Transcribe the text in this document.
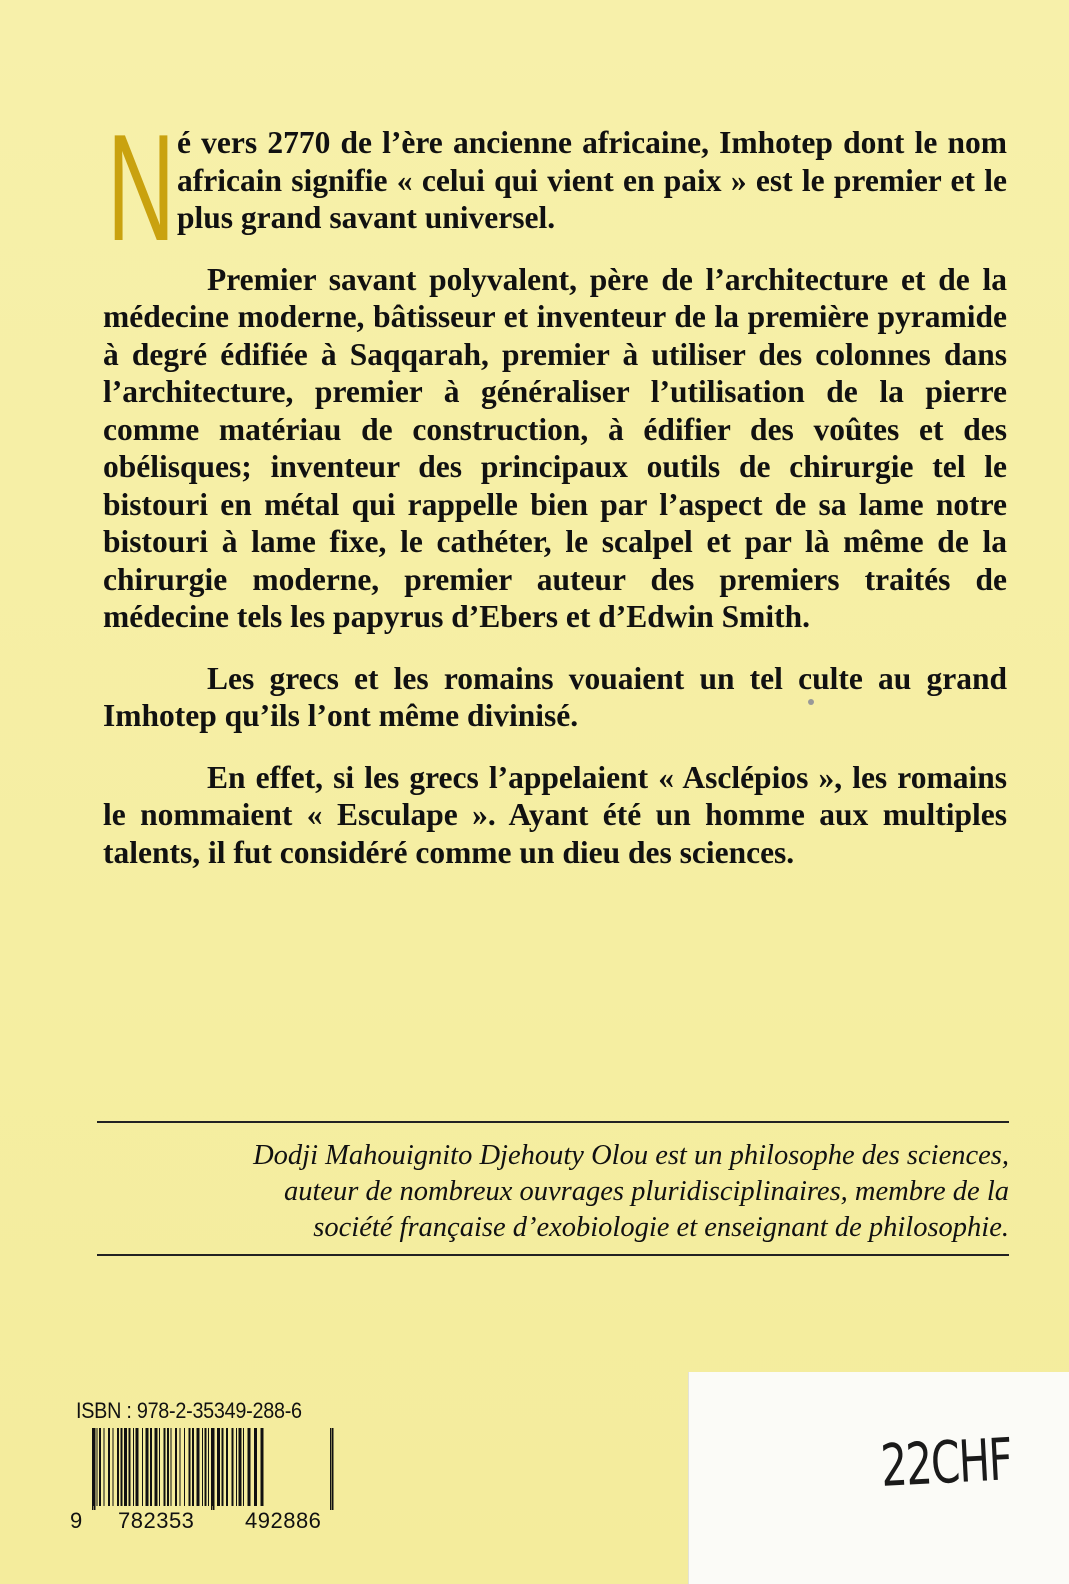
N é vers 2770 de l’ère ancienne africaine, Imhotep dont le nom africain signifie « celui qui vient en paix » est le premier et le plus grand savant universel.

Premier savant polyvalent, père de l’architecture et de la médecine moderne, bâtisseur et inventeur de la première pyramide à degré édifiée à Saqqarah, premier à utiliser des colonnes dans l’architecture, premier à généraliser l’utilisation de la pierre comme matériau de construction, à édifier des voûtes et des obélisques; inventeur des principaux outils de chirurgie tel le bistouri en métal qui rappelle bien par l’aspect de sa lame notre bistouri à lame fixe, le cathéter, le scalpel et par là même de la chirurgie moderne, premier auteur des premiers traités de médecine tels les papyrus d’Ebers et d’Edwin Smith.

Les grecs et les romains vouaient un tel culte au grand Imhotep qu’ils l’ont même divinisé.

En effet, si les grecs l’appelaient « Asclépios », les romains le nommaient « Esculape ». Ayant été un homme aux multiples talents, il fut considéré comme un dieu des sciences.

Dodji Mahouignito Djehouty Olou est un philosophe des sciences,
auteur de nombreux ouvrages pluridisciplinaires, membre de la
société française d’exobiologie et enseignant de philosophie.
ISBN : 978-2-35349-288-6
9 782353 492886
22CHF
